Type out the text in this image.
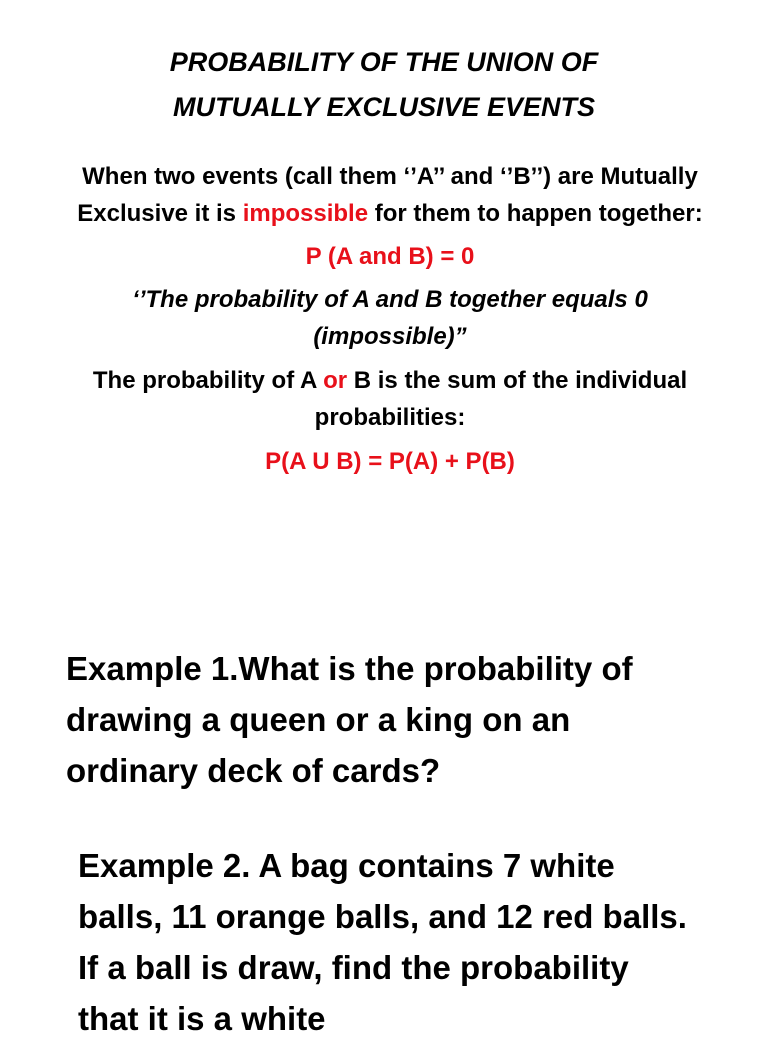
PROBABILITY OF THE UNION OF
MUTUALLY EXCLUSIVE EVENTS

When two events (call them ‘’A’’ and ‘’B’’) are Mutually Exclusive it is impossible for them to happen together:

P (A and B) = 0

‘’The probability of A and B together equals 0 (impossible)”

The probability of A or B is the sum of the individual probabilities:

P(A U B) = P(A) + P(B)

Example 1.What is the probability of drawing a queen or a king on an ordinary deck of cards?

Example 2. A bag contains 7 white balls, 11 orange balls, and 12 red balls. If a ball is draw, find the probability that it is a white
